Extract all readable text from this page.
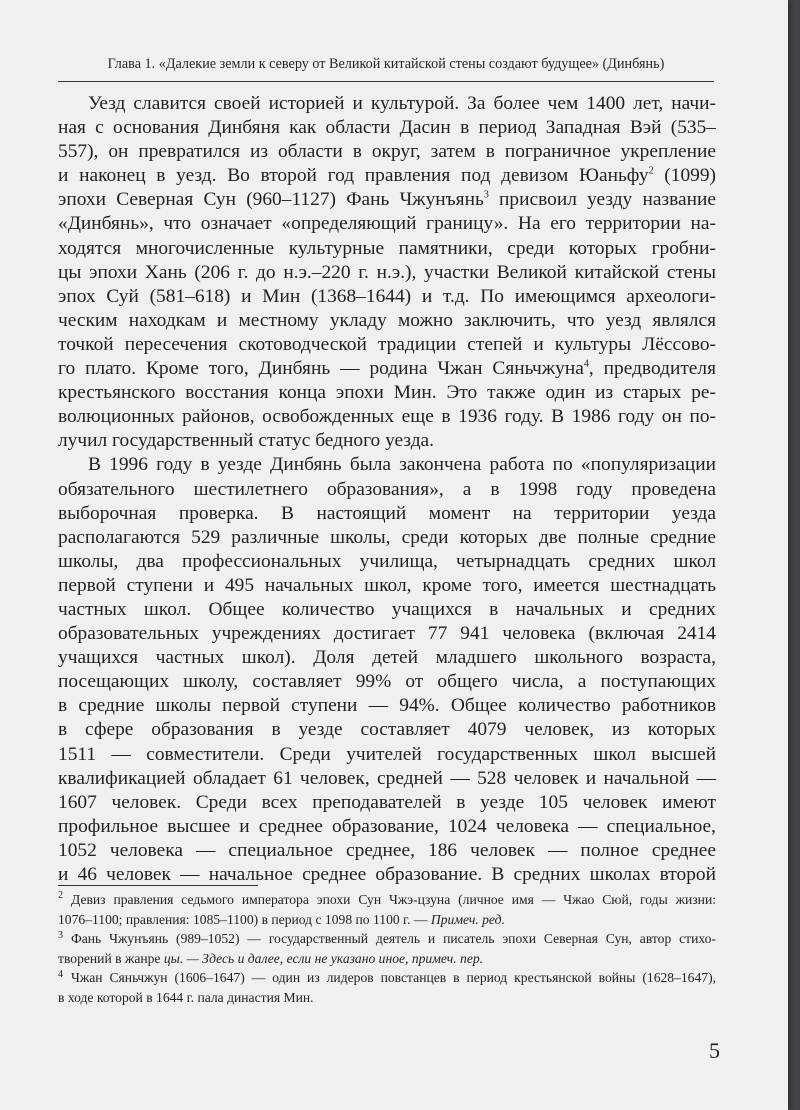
Глава 1. «Далекие земли к северу от Великой китайской стены создают будущее» (Динбянь)

Уезд славится своей историей и культурой. За более чем 1400 лет, начи-
ная с основания Динбяня как области Дасин в период Западная Вэй (535–
557), он превратился из области в округ, затем в пограничное укрепление
и наконец в уезд. Во второй год правления под девизом Юаньфу$^2$ (1099)
эпохи Северная Сун (960–1127) Фань Чжунъянь$^3$ присвоил уезду название
«Динбянь», что означает «определяющий границу». На его территории на-
ходятся многочисленные культурные памятники, среди которых гробни-
цы эпохи Хань (206 г. до н.э.–220 г. н.э.), участки Великой китайской стены
эпох Суй (581–618) и Мин (1368–1644) и т.д. По имеющимся археологи-
ческим находкам и местному укладу можно заключить, что уезд являлся
точкой пересечения скотоводческой традиции степей и культуры Лёссово-
го плато. Кроме того, Динбянь — родина Чжан Сяньчжуна$^4$, предводителя
крестьянского восстания конца эпохи Мин. Это также один из старых ре-
волюционных районов, освобожденных еще в 1936 году. В 1986 году он по-
лучил государственный статус бедного уезда.

В 1996 году в уезде Динбянь была закончена работа по «популяризации
обязательного шестилетнего образования», а в 1998 году проведена
выборочная проверка. В настоящий момент на территории уезда
располагаются 529 различные школы, среди которых две полные средние
школы, два профессиональных училища, четырнадцать средних школ
первой ступени и 495 начальных школ, кроме того, имеется шестнадцать
частных школ. Общее количество учащихся в начальных и средних
образовательных учреждениях достигает 77 941 человека (включая 2414
учащихся частных школ). Доля детей младшего школьного возраста,
посещающих школу, составляет 99% от общего числа, а поступающих
в средние школы первой ступени — 94%. Общее количество работников
в сфере образования в уезде составляет 4079 человек, из которых
1511 — совместители. Среди учителей государственных школ высшей
квалификацией обладает 61 человек, средней — 528 человек и начальной —
1607 человек. Среди всех преподавателей в уезде 105 человек имеют
профильное высшее и среднее образование, 1024 человека — специальное,
1052 человека — специальное среднее, 186 человек — полное среднее
и 46 человек — начальное среднее образование. В средних школах второй

$^2$ Девиз правления седьмого императора эпохи Сун Чжэ-цзуна (личное имя — Чжао Сюй, годы жизни:
1076–1100; правления: 1085–1100) в период с 1098 по 1100 г. — Примеч. ред.

$^3$ Фань Чжунъянь (989–1052) — государственный деятель и писатель эпохи Северная Сун, автор стихо-
творений в жанре цы. — Здесь и далее, если не указано иное, примеч. пер.

$^4$ Чжан Сяньчжун (1606–1647) — один из лидеров повстанцев в период крестьянской войны (1628–1647),
в ходе которой в 1644 г. пала династия Мин.

5
